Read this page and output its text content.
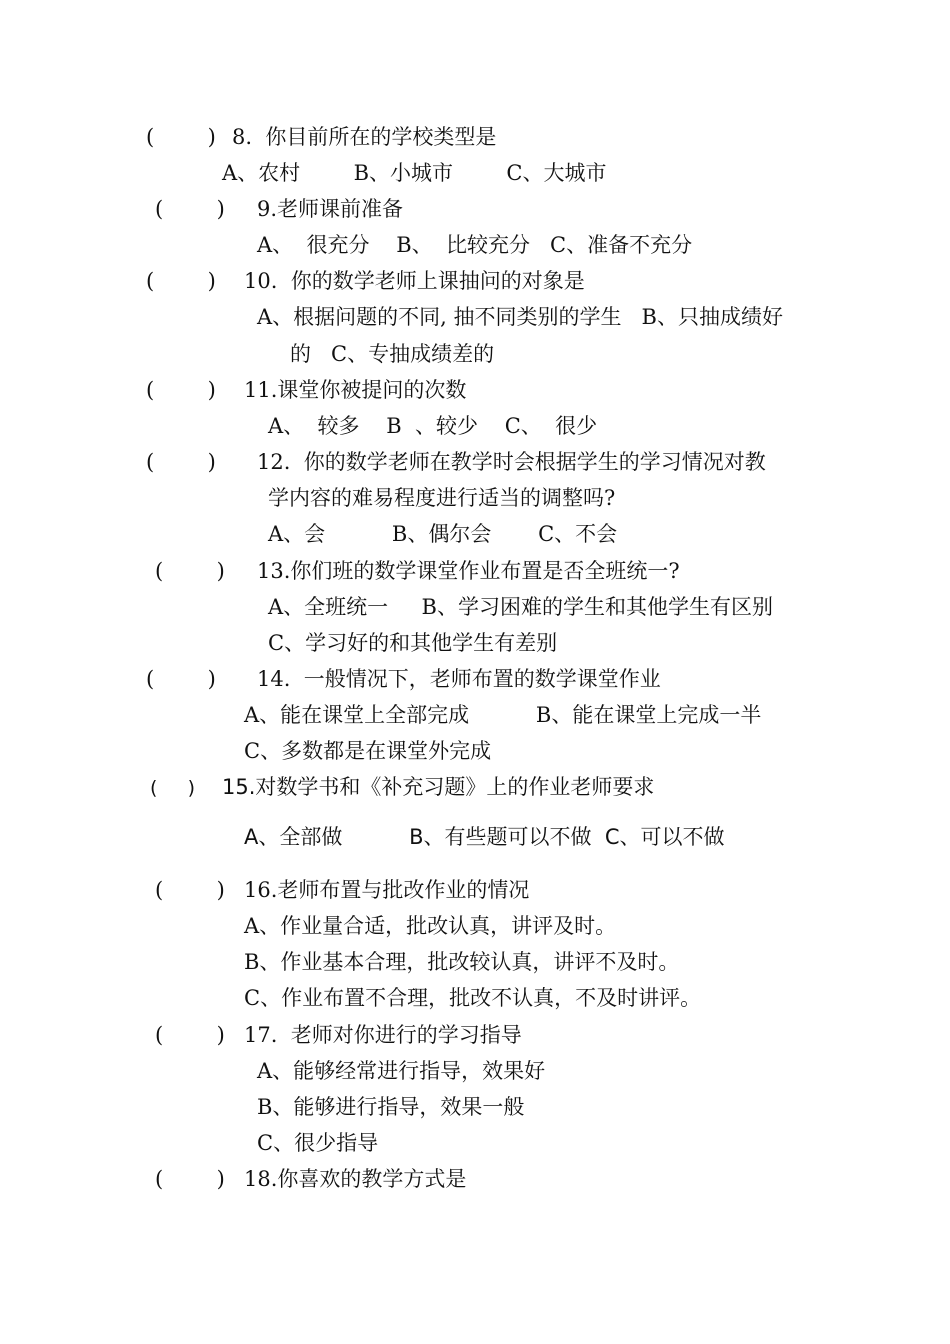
(        ) 8.  你目前所在的学校类型是
A、农村        B、小城市        C、大城市
(        ) 9.老师课前准备
A、  很充分    B、  比较充分   C、准备不充分
(        ) 10.  你的数学老师上课抽问的对象是
A、根据问题的不同, 抽不同类别的学生   B、只抽成绩好
的   C、专抽成绩差的
(        ) 11.课堂你被提问的次数
A、  较多    B  、较少    C、  很少
(        ) 12.  你的数学老师在教学时会根据学生的学习情况对教
学内容的难易程度进行适当的调整吗?
A、会          B、偶尔会       C、不会
(        ) 13.你们班的数学课堂作业布置是否全班统一?
A、全班统一     B、学习困难的学生和其他学生有区别
C、学习好的和其他学生有差别
(        ) 14.  一般情况下，老师布置的数学课堂作业
A、能在课堂上全部完成          B、能在课堂上完成一半
C、多数都是在课堂外完成
(     ) 15.对数学书和《补充习题》上的作业老师要求
A、全部做          B、有些题可以不做  C、可以不做
(        ) 16.老师布置与批改作业的情况
A、作业量合适，批改认真，讲评及时。
B、作业基本合理，批改较认真，讲评不及时。
C、作业布置不合理，批改不认真，不及时讲评。
(        ) 17.  老师对你进行的学习指导
A、能够经常进行指导，效果好
B、能够进行指导，效果一般
C、很少指导
(        ) 18.你喜欢的教学方式是
